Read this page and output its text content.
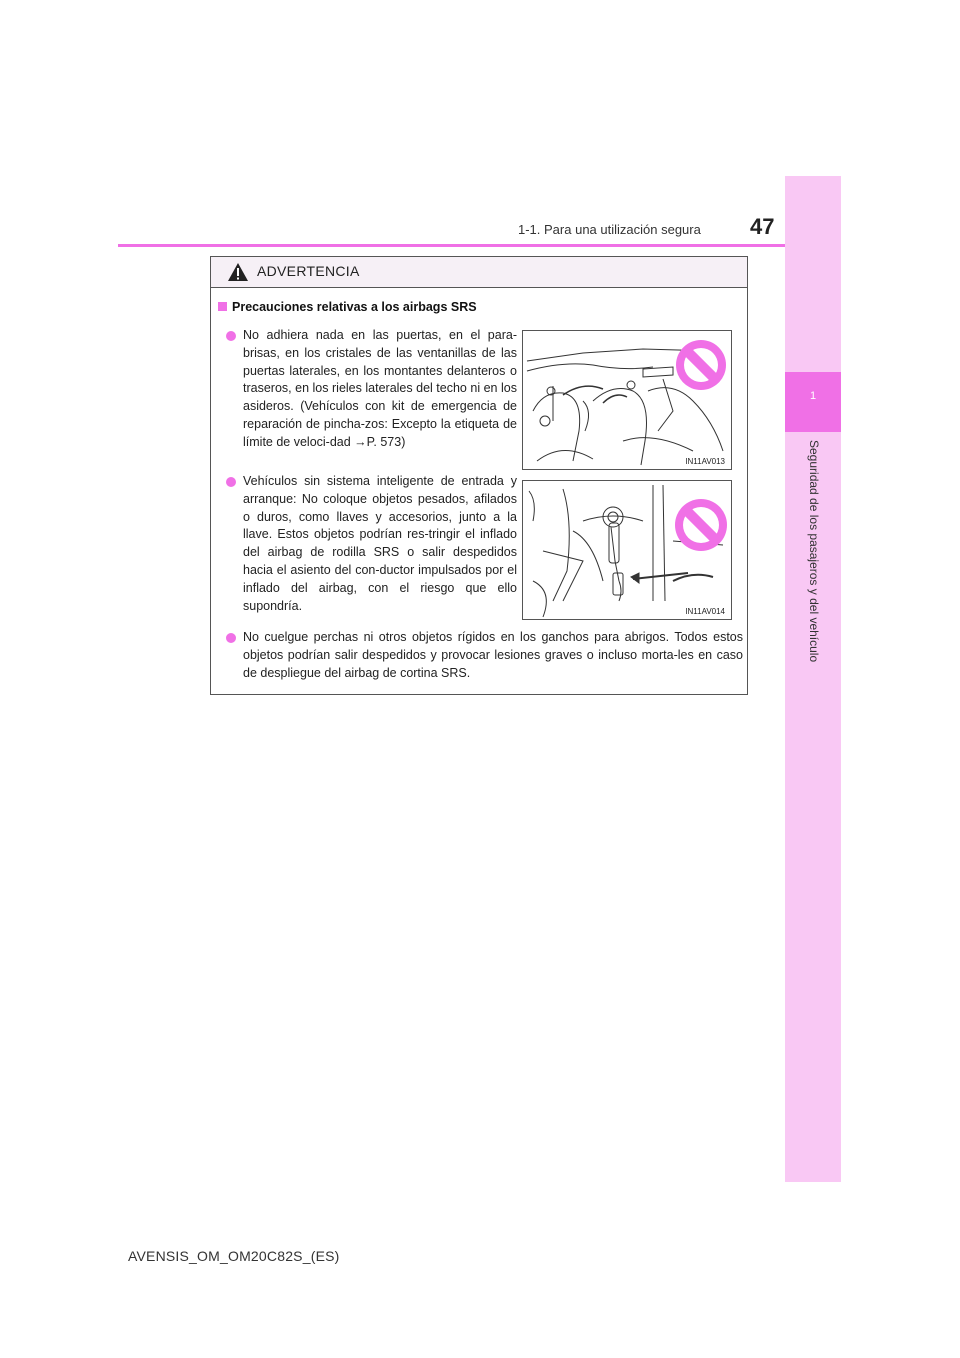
1
Seguridad de los pasajeros y del vehículo
1-1. Para una utilización segura 47
ADVERTENCIA
Precauciones relativas a los airbags SRS
No adhiera nada en las puertas, en el para-brisas, en los cristales de las ventanillas de las puertas laterales, en los montantes delanteros o traseros, en los rieles laterales del techo ni en los asideros. (Vehículos con kit de emergencia de reparación de pincha-zos: Excepto la etiqueta de límite de veloci-dad →P. 573)
Vehículos sin sistema inteligente de entrada y arranque: No coloque objetos pesados, afilados o duros, como llaves y accesorios, junto a la llave. Estos objetos podrían res-tringir el inflado del airbag de rodilla SRS o salir despedidos hacia el asiento del con-ductor impulsados por el inflado del airbag, con el riesgo que ello supondría.
No cuelgue perchas ni otros objetos rígidos en los ganchos para abrigos. Todos estos objetos podrían salir despedidos y provocar lesiones graves o incluso morta-les en caso de despliegue del airbag de cortina SRS.
IN11AV013
IN11AV014
AVENSIS_OM_OM20C82S_(ES)
